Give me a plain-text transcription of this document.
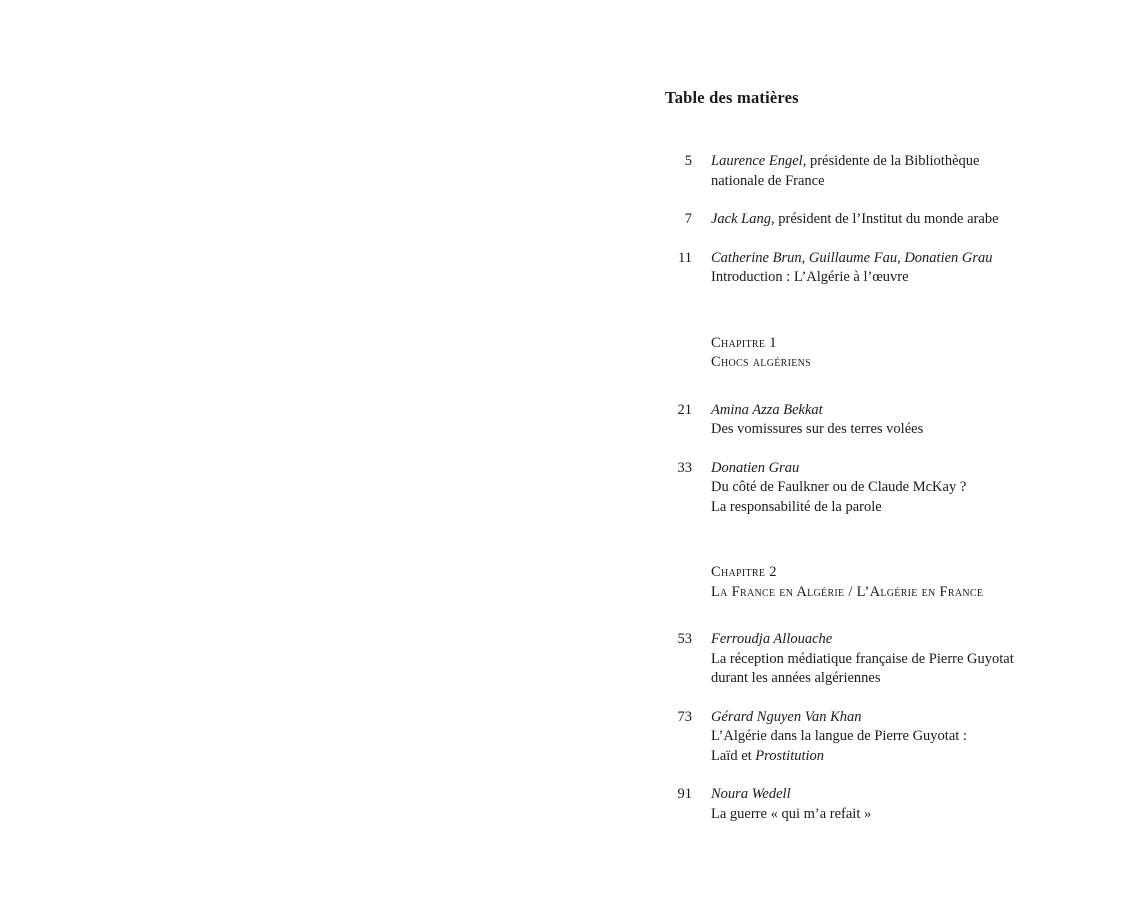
Table des matières
5 Laurence Engel, présidente de la Bibliothèque
nationale de France
7 Jack Lang, président de l’Institut du monde arabe
11 Catherine Brun, Guillaume Fau, Donatien Grau
Introduction : L’Algérie à l’œuvre
Chapitre 1
Chocs algériens
21 Amina Azza Bekkat
Des vomissures sur des terres volées
33 Donatien Grau
Du côté de Faulkner ou de Claude McKay ?
La responsabilité de la parole
Chapitre 2
La France en Algérie / L’Algérie en France
53 Ferroudja Allouache
La réception médiatique française de Pierre Guyotat
durant les années algériennes
73 Gérard Nguyen Van Khan
L’Algérie dans la langue de Pierre Guyotat :
Laïd et Prostitution
91 Noura Wedell
La guerre « qui m’a refait »
